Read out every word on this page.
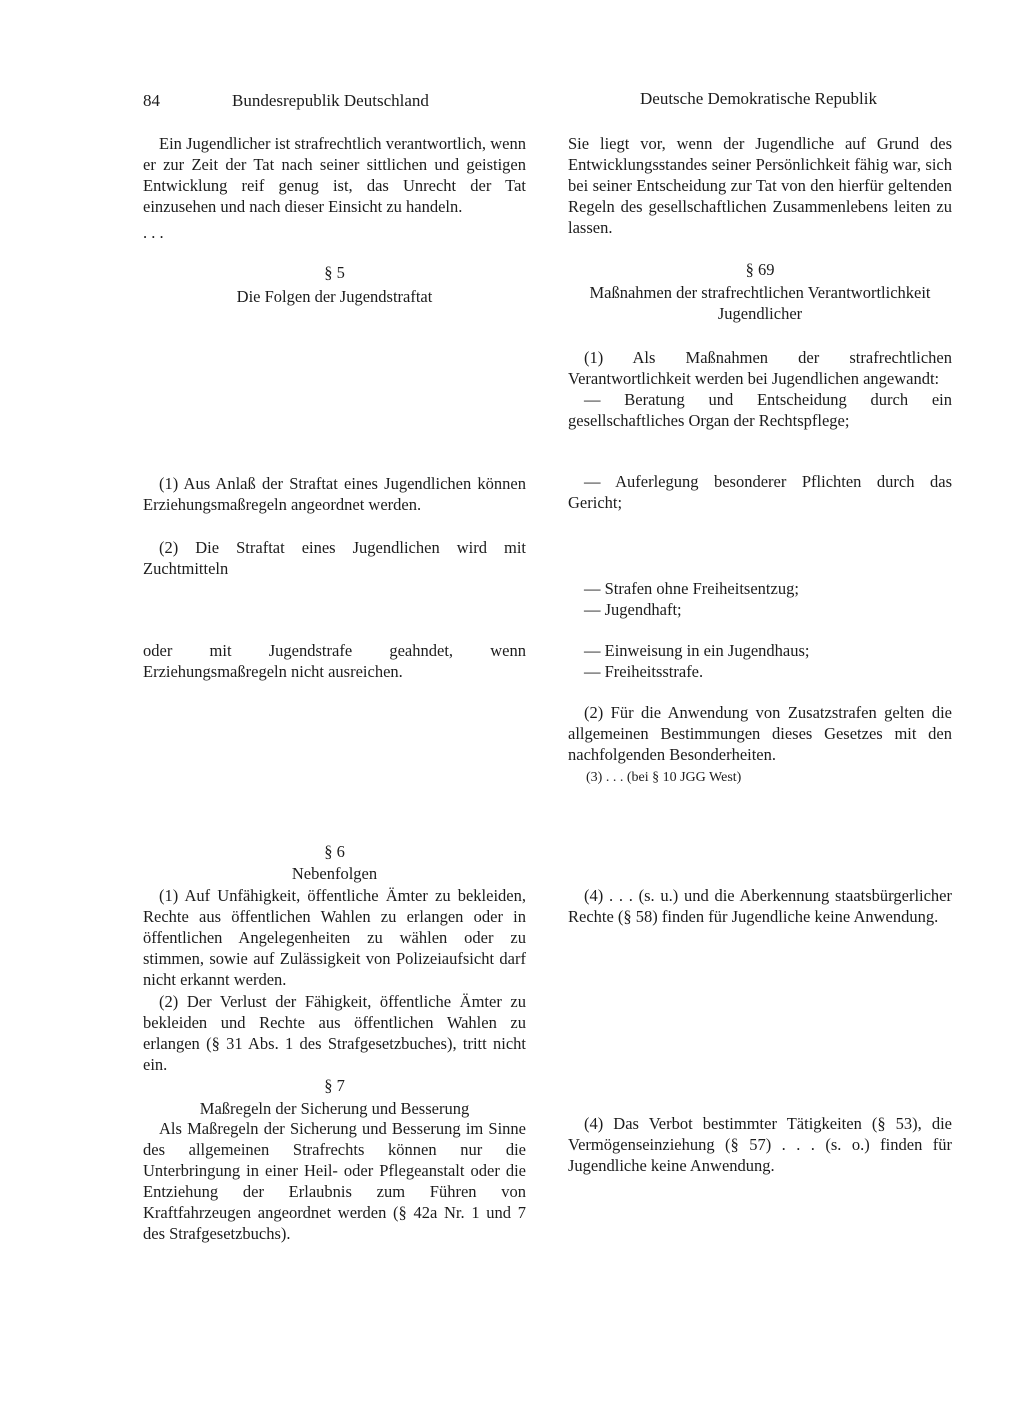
84	Bundesrepublik Deutschland	Deutsche Demokratische Republik

Ein Jugendlicher ist strafrechtlich verantwortlich, wenn er zur Zeit der Tat nach seiner sittlichen und geistigen Entwicklung reif genug ist, das Unrecht der Tat einzusehen und nach dieser Einsicht zu handeln.

. . .
§ 5
Die Folgen der Jugendstraftat

(1) Aus Anlaß der Straftat eines Jugendlichen können Erziehungsmaßregeln angeordnet werden.

(2) Die Straftat eines Jugendlichen wird mit Zuchtmitteln

oder mit Jugendstrafe geahndet, wenn Erziehungsmaßregeln nicht ausreichen.

§ 6
Nebenfolgen

(1) Auf Unfähigkeit, öffentliche Ämter zu bekleiden, Rechte aus öffentlichen Wahlen zu erlangen oder in öffentlichen Angelegenheiten zu wählen oder zu stimmen, sowie auf Zulässigkeit von Polizeiaufsicht darf nicht erkannt werden.

(2) Der Verlust der Fähigkeit, öffentliche Ämter zu bekleiden und Rechte aus öffentlichen Wahlen zu erlangen (§ 31 Abs. 1 des Strafgesetzbuches), tritt nicht ein.

§ 7
Maßregeln der Sicherung und Besserung

Als Maßregeln der Sicherung und Besserung im Sinne des allgemeinen Strafrechts können nur die Unterbringung in einer Heil- oder Pflegeanstalt oder die Entziehung der Erlaubnis zum Führen von Kraftfahrzeugen angeordnet werden (§ 42a Nr. 1 und 7 des Strafgesetzbuchs).

Sie liegt vor, wenn der Jugendliche auf Grund des Entwicklungsstandes seiner Persönlichkeit fähig war, sich bei seiner Entscheidung zur Tat von den hierfür geltenden Regeln des gesellschaftlichen Zusammenlebens leiten zu lassen.

§ 69
Maßnahmen der strafrechtlichen Verantwortlichkeit
Jugendlicher

(1) Als Maßnahmen der strafrechtlichen Verantwortlichkeit werden bei Jugendlichen angewandt:

— Beratung und Entscheidung durch ein gesellschaftliches Organ der Rechtspflege;

— Auferlegung besonderer Pflichten durch das Gericht;

— Strafen ohne Freiheitsentzug;

— Jugendhaft;

— Einweisung in ein Jugendhaus;

— Freiheitsstrafe.

(2) Für die Anwendung von Zusatzstrafen gelten die allgemeinen Bestimmungen dieses Gesetzes mit den nachfolgenden Besonderheiten.

(3) . . . (bei § 10 JGG West)

(4) . . . (s. u.) und die Aberkennung staatsbürgerlicher Rechte (§ 58) finden für Jugendliche keine Anwendung.

(4) Das Verbot bestimmter Tätigkeiten (§ 53), die Vermögenseinziehung (§ 57) . . . (s. o.) finden für Jugendliche keine Anwendung.
